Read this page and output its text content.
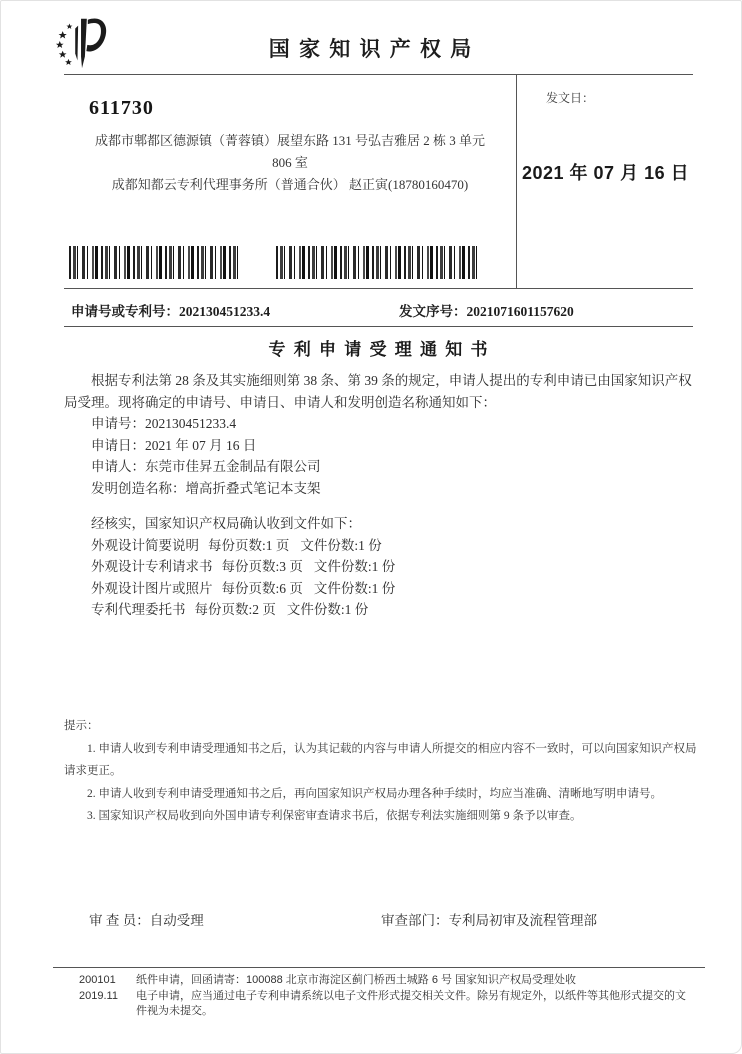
国 家 知 识 产 权 局
611730
成都市郫都区德源镇（菁蓉镇）展望东路 131 号弘吉雅居 2 栋 3 单元
806 室
成都知都云专利代理事务所（普通合伙） 赵正寅(18780160470)
发文日：
2021 年 07 月 16 日
申请号或专利号：202130451233.4	发文序号：2021071601157620
专 利 申 请 受 理 通 知 书

根据专利法第 28 条及其实施细则第 38 条、第 39 条的规定，申请人提出的专利申请已由国家知识产权局受理。现将确定的申请号、申请日、申请人和发明创造名称通知如下：

申请号：202130451233.4
申请日：2021 年 07 月 16 日
申请人：东莞市佳昇五金制品有限公司
发明创造名称：增高折叠式笔记本支架

经核实，国家知识产权局确认收到文件如下：

外观设计简要说明 每份页数:1 页 文件份数:1 份
外观设计专利请求书 每份页数:3 页 文件份数:1 份
外观设计图片或照片 每份页数:6 页 文件份数:1 份
专利代理委托书 每份页数:2 页 文件份数:1 份

提示：

1. 申请人收到专利申请受理通知书之后，认为其记载的内容与申请人所提交的相应内容不一致时，可以向国家知识产权局请求更正。

2. 申请人收到专利申请受理通知书之后，再向国家知识产权局办理各种手续时，均应当准确、清晰地写明申请号。

3. 国家知识产权局收到向外国申请专利保密审查请求书后，依据专利法实施细则第 9 条予以审查。

审 查 员：自动受理	审查部门：专利局初审及流程管理部
200101
2019.11

纸件申请，回函请寄：100088 北京市海淀区蓟门桥西土城路 6 号 国家知识产权局受理处收

电子申请，应当通过电子专利申请系统以电子文件形式提交相关文件。除另有规定外，以纸件等其他形式提交的文件视为未提交。
